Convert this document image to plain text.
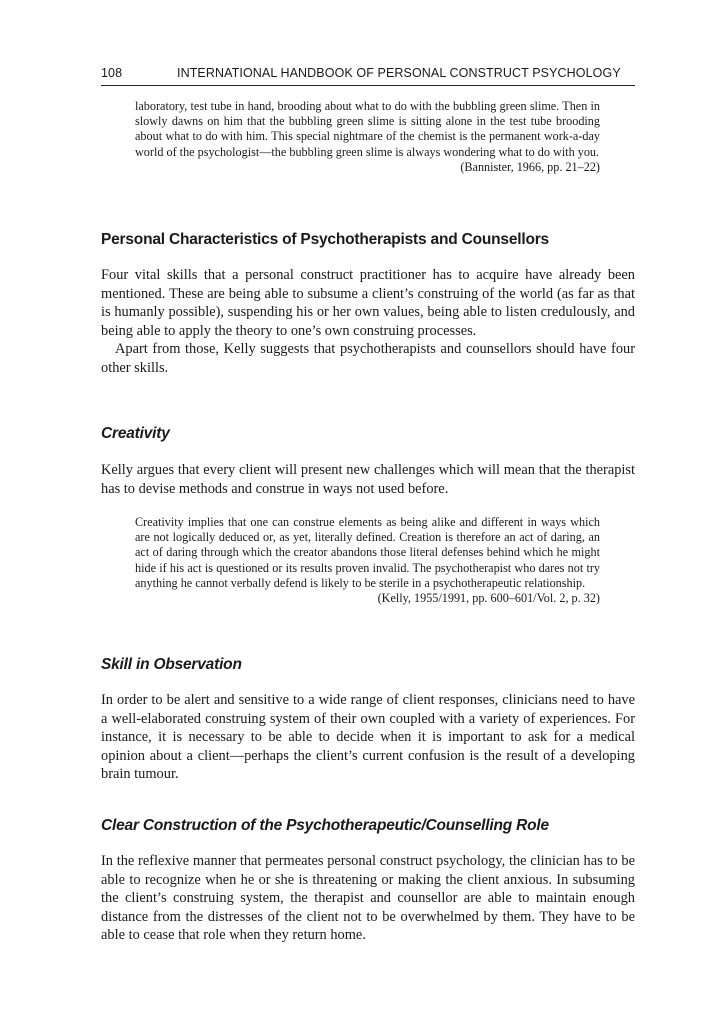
108	INTERNATIONAL HANDBOOK OF PERSONAL CONSTRUCT PSYCHOLOGY
laboratory, test tube in hand, brooding about what to do with the bubbling green slime. Then in slowly dawns on him that the bubbling green slime is sitting alone in the test tube brooding about what to do with him. This special nightmare of the chemist is the permanent work-a-day world of the psychologist—the bubbling green slime is always wondering what to do with you.
(Bannister, 1966, pp. 21–22)
Personal Characteristics of Psychotherapists and Counsellors

Four vital skills that a personal construct practitioner has to acquire have already been mentioned. These are being able to subsume a client’s construing of the world (as far as that is humanly possible), suspending his or her own values, being able to listen credulously, and being able to apply the theory to one’s own construing processes.

Apart from those, Kelly suggests that psychotherapists and counsellors should have four other skills.

Creativity

Kelly argues that every client will present new challenges which will mean that the therapist has to devise methods and construe in ways not used before.

Creativity implies that one can construe elements as being alike and different in ways which are not logically deduced or, as yet, literally defined. Creation is therefore an act of daring, an act of daring through which the creator abandons those literal defenses behind which he might hide if his act is questioned or its results proven invalid. The psychotherapist who dares not try anything he cannot verbally defend is likely to be sterile in a psychotherapeutic relationship.
(Kelly, 1955/1991, pp. 600–601/Vol. 2, p. 32)
Skill in Observation

In order to be alert and sensitive to a wide range of client responses, clinicians need to have a well-elaborated construing system of their own coupled with a variety of experiences. For instance, it is necessary to be able to decide when it is important to ask for a medical opinion about a client—perhaps the client’s current confusion is the result of a developing brain tumour.

Clear Construction of the Psychotherapeutic/Counselling Role

In the reflexive manner that permeates personal construct psychology, the clinician has to be able to recognize when he or she is threatening or making the client anxious. In subsuming the client’s construing system, the therapist and counsellor are able to maintain enough distance from the distresses of the client not to be overwhelmed by them. They have to be able to cease that role when they return home.
